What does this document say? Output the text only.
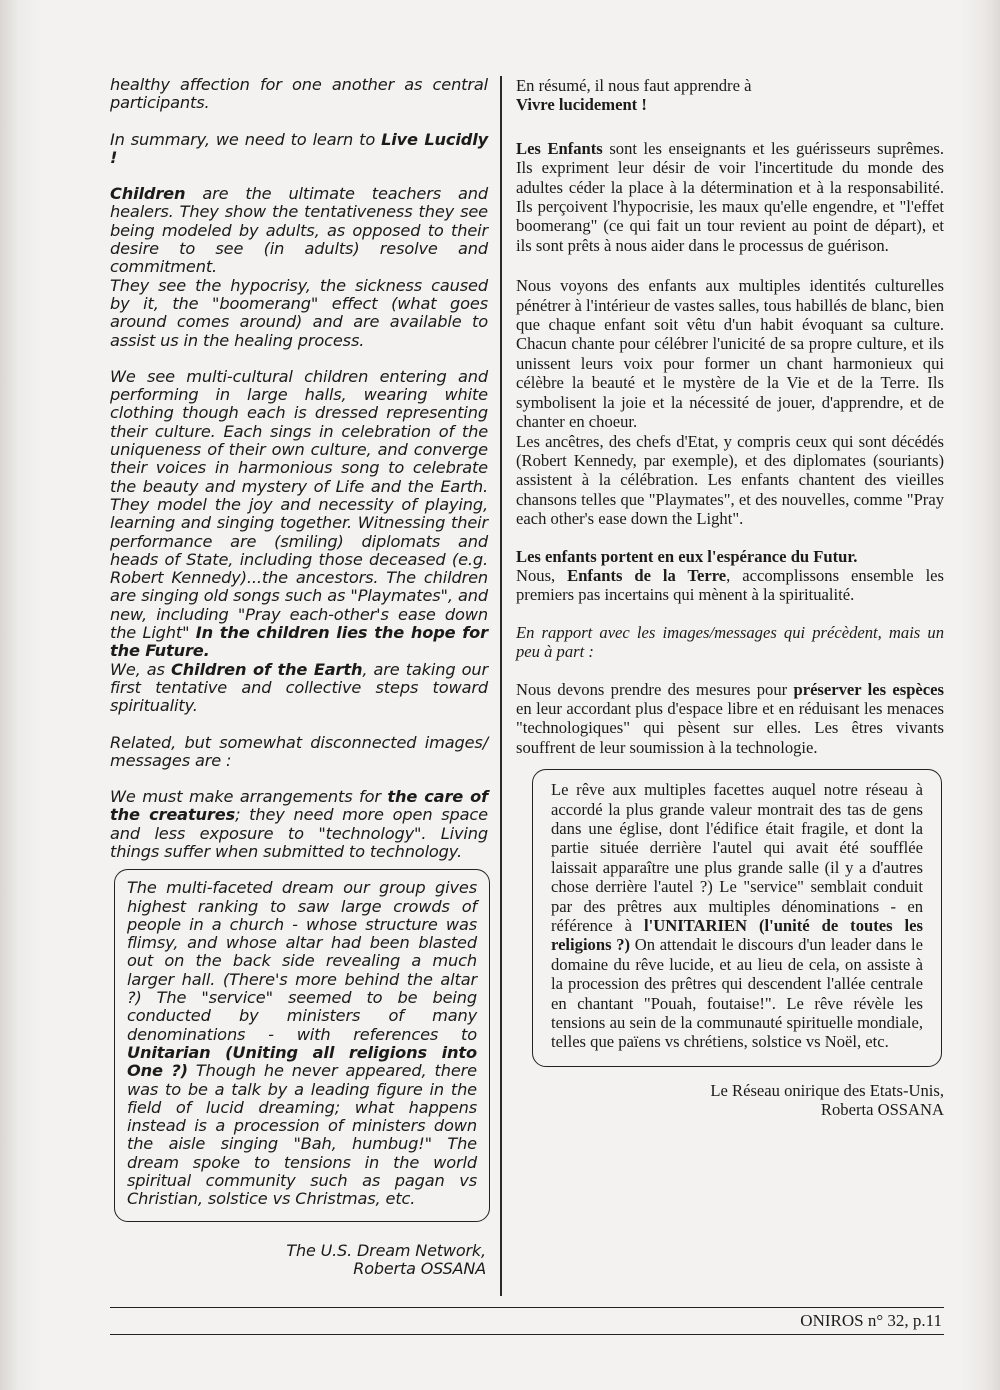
healthy affection for one another as central participants.

In summary, we need to learn to Live Lucidly !

Children are the ultimate teachers and healers. They show the tentativeness they see being modeled by adults, as opposed to their desire to see (in adults) resolve and commitment.

They see the hypocrisy, the sickness caused by it, the "boomerang" effect (what goes around comes around) and are available to assist us in the healing process.

We see multi-cultural children entering and performing in large halls, wearing white clothing though each is dressed representing their culture. Each sings in celebration of the uniqueness of their own culture, and converge their voices in harmonious song to celebrate the beauty and mystery of Life and the Earth. They model the joy and necessity of playing, learning and singing together. Witnessing their performance are (smiling) diplomats and heads of State, including those deceased (e.g. Robert Kennedy)...the ancestors. The children are singing old songs such as "Playmates", and new, including "Pray each-other's ease down the Light" In the children lies the hope for the Future.

We, as Children of the Earth, are taking our first tentative and collective steps toward spirituality.

Related, but somewhat disconnected images/ messages are :

We must make arrangements for the care of the creatures; they need more open space and less exposure to "technology". Living things suffer when submitted to technology.

The multi-faceted dream our group gives highest ranking to saw large crowds of people in a church - whose structure was flimsy, and whose altar had been blasted out on the back side revealing a much larger hall. (There's more behind the altar ?) The "service" seemed to be being conducted by ministers of many denominations - with references to Unitarian (Uniting all religions into One ?) Though he never appeared, there was to be a talk by a leading figure in the field of lucid dreaming; what happens instead is a procession of ministers down the aisle singing "Bah, humbug!" The dream spoke to tensions in the world spiritual community such as pagan vs Christian, solstice vs Christmas, etc.
The U.S. Dream Network,
Roberta OSSANA

En résumé, il nous faut apprendre à
Vivre lucidement !

Les Enfants sont les enseignants et les guérisseurs suprêmes. Ils expriment leur désir de voir l'incertitude du monde des adultes céder la place à la détermination et à la responsabilité. Ils perçoivent l'hypocrisie, les maux qu'elle engendre, et "l'effet boomerang" (ce qui fait un tour revient au point de départ), et ils sont prêts à nous aider dans le processus de guérison.

Nous voyons des enfants aux multiples identités culturelles pénétrer à l'intérieur de vastes salles, tous habillés de blanc, bien que chaque enfant soit vêtu d'un habit évoquant sa culture. Chacun chante pour célébrer l'unicité de sa propre culture, et ils unissent leurs voix pour former un chant harmonieux qui célèbre la beauté et le mystère de la Vie et de la Terre. Ils symbolisent la joie et la nécessité de jouer, d'apprendre, et de chanter en choeur.

Les ancêtres, des chefs d'Etat, y compris ceux qui sont décédés (Robert Kennedy, par exemple), et des diplomates (souriants) assistent à la célébration. Les enfants chantent des vieilles chansons telles que "Playmates", et des nouvelles, comme "Pray each other's ease down the Light".

Les enfants portent en eux l'espérance du Futur.
Nous, Enfants de la Terre, accomplissons ensemble les premiers pas incertains qui mènent à la spiritualité.

En rapport avec les images/messages qui précèdent, mais un peu à part :

Nous devons prendre des mesures pour préserver les espèces en leur accordant plus d'espace libre et en réduisant les menaces "technologiques" qui pèsent sur elles. Les êtres vivants souffrent de leur soumission à la technologie.

Le rêve aux multiples facettes auquel notre réseau à accordé la plus grande valeur montrait des tas de gens dans une église, dont l'édifice était fragile, et dont la partie située derrière l'autel qui avait été soufflée laissait apparaître une plus grande salle (il y a d'autres chose derrière l'autel ?) Le "service" semblait conduit par des prêtres aux multiples dénominations - en référence à l'UNITARIEN (l'unité de toutes les religions ?) On attendait le discours d'un leader dans le domaine du rêve lucide, et au lieu de cela, on assiste à la procession des prêtres qui descendent l'allée centrale en chantant "Pouah, foutaise!". Le rêve révèle les tensions au sein de la communauté spirituelle mondiale, telles que païens vs chrétiens, solstice vs Noël, etc.
Le Réseau onirique des Etats-Unis,
Roberta OSSANA
ONIROS n° 32, p.11
